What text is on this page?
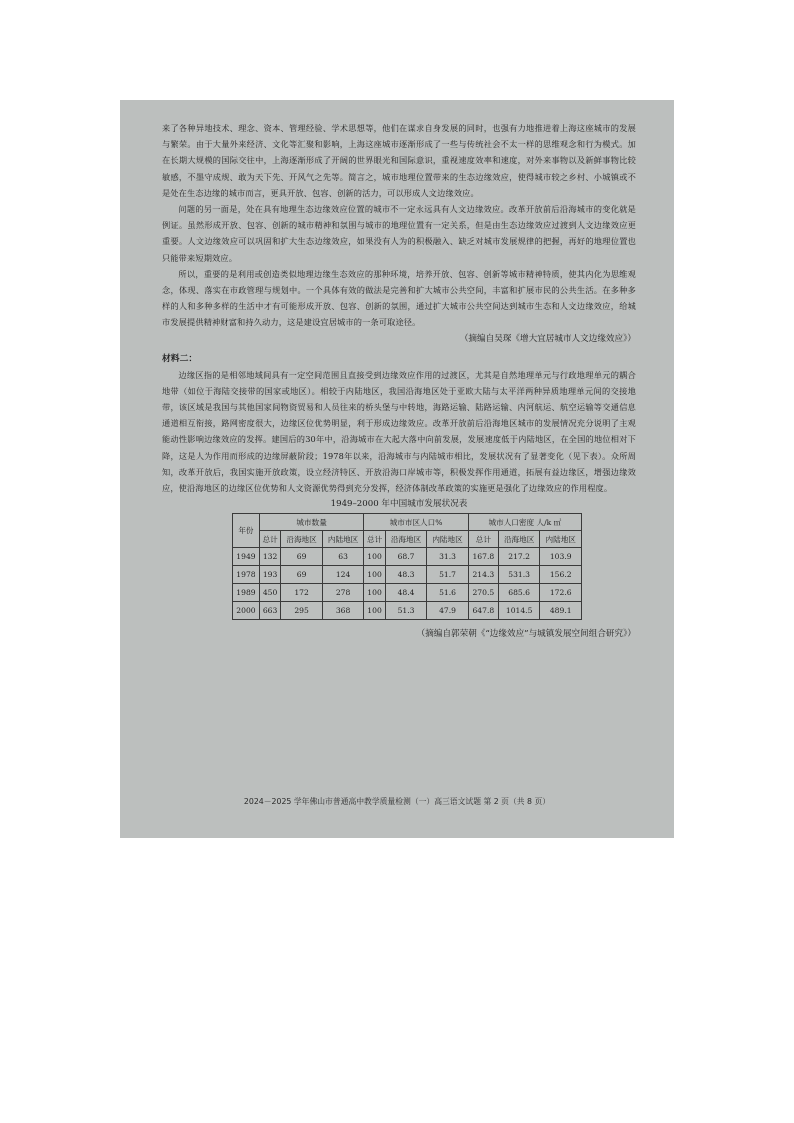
来了各种异地技术、理念、资本、管理经验、学术思想等，他们在谋求自身发展的同时，也强有力地推进着上海这座城市的发展与繁荣。由于大量外来经济、文化等汇聚和影响，上海这座城市逐渐形成了一些与传统社会不太一样的思维观念和行为模式。加在长期大规模的国际交往中，上海逐渐形成了开阔的世界眼光和国际意识，重视速度效率和速度，对外来事物以及新鲜事物比较敏感，不墨守成规、敢为天下先、开风气之先等。简言之，城市地理位置带来的生态边缘效应，使得城市较之乡村、小城镇或不是处在生态边缘的城市而言，更具开放、包容、创新的活力，可以形成人文边缘效应。

问题的另一面是，处在具有地理生态边缘效应位置的城市不一定永远具有人文边缘效应。改革开放前后沿海城市的变化就是例证。虽然形成开放、包容、创新的城市精神和氛围与城市的地理位置有一定关系，但是由生态边缘效应过渡到人文边缘效应更重要。人文边缘效应可以巩固和扩大生态边缘效应，如果没有人为的积极融入、缺乏对城市发展规律的把握，再好的地理位置也只能带来短期效应。

所以，重要的是利用或创造类似地理边缘生态效应的那种环境，培养开放、包容、创新等城市精神特质，使其内化为思维观念，体现、落实在市政管理与规划中。一个具体有效的做法是完善和扩大城市公共空间，丰富和扩展市民的公共生活。在多种多样的人和多种多样的生活中才有可能形成开放、包容、创新的氛围，通过扩大城市公共空间达到城市生态和人文边缘效应，给城市发展提供精神财富和持久动力，这是建设宜居城市的一条可取途径。

（摘编自吴琛《增大宜居城市人文边缘效应》）

材料二：

边缘区指的是相邻地域间具有一定空间范围且直接受到边缘效应作用的过渡区，尤其是自然地理单元与行政地理单元的耦合地带（如位于海陆交接带的国家或地区）。相较于内陆地区，我国沿海地区处于亚欧大陆与太平洋两种异质地理单元间的交接地带，该区域是我国与其他国家间物资贸易和人员往来的桥头堡与中转地，海路运输、陆路运输、内河航运、航空运输等交通信息通道相互衔接，路网密度很大，边缘区位优势明显，利于形成边缘效应。改革开放前后沿海地区城市的发展情况充分说明了主观能动性影响边缘效应的发挥。建国后的30年中，沿海城市在大起大落中向前发展，发展速度低于内陆地区，在全国的地位相对下降，这是人为作用而形成的边缘屏蔽阶段；1978年以来，沿海城市与内陆城市相比，发展状况有了显著变化（见下表）。众所周知，改革开放后，我国实施开放政策，设立经济特区、开放沿海口岸城市等，积极发挥作用通道，拓展有益边缘区，增强边缘效应，使沿海地区的边缘区位优势和人文资源优势得到充分发挥，经济体制改革政策的实施更是强化了边缘效应的作用程度。

1949–2000 年中国城市发展状况表

年份	城市数量			城市市区人口%			城市人口密度 人/k ㎡		
	总计	沿海地区	内陆地区	总计	沿海地区	内陆地区	总计	沿海地区	内陆地区
1949	132	69	63	100	68.7	31.3	167.8	217.2	103.9
1978	193	69	124	100	48.3	51.7	214.3	531.3	156.2
1989	450	172	278	100	48.4	51.6	270.5	685.6	172.6
2000	663	295	368	100	51.3	47.9	647.8	1014.5	489.1

（摘编自郭荣朝《“边缘效应”与城镇发展空间组合研究》）

2024－2025 学年佛山市普通高中教学质量检测（一）高三语文试题 第 2 页（共 8 页）
